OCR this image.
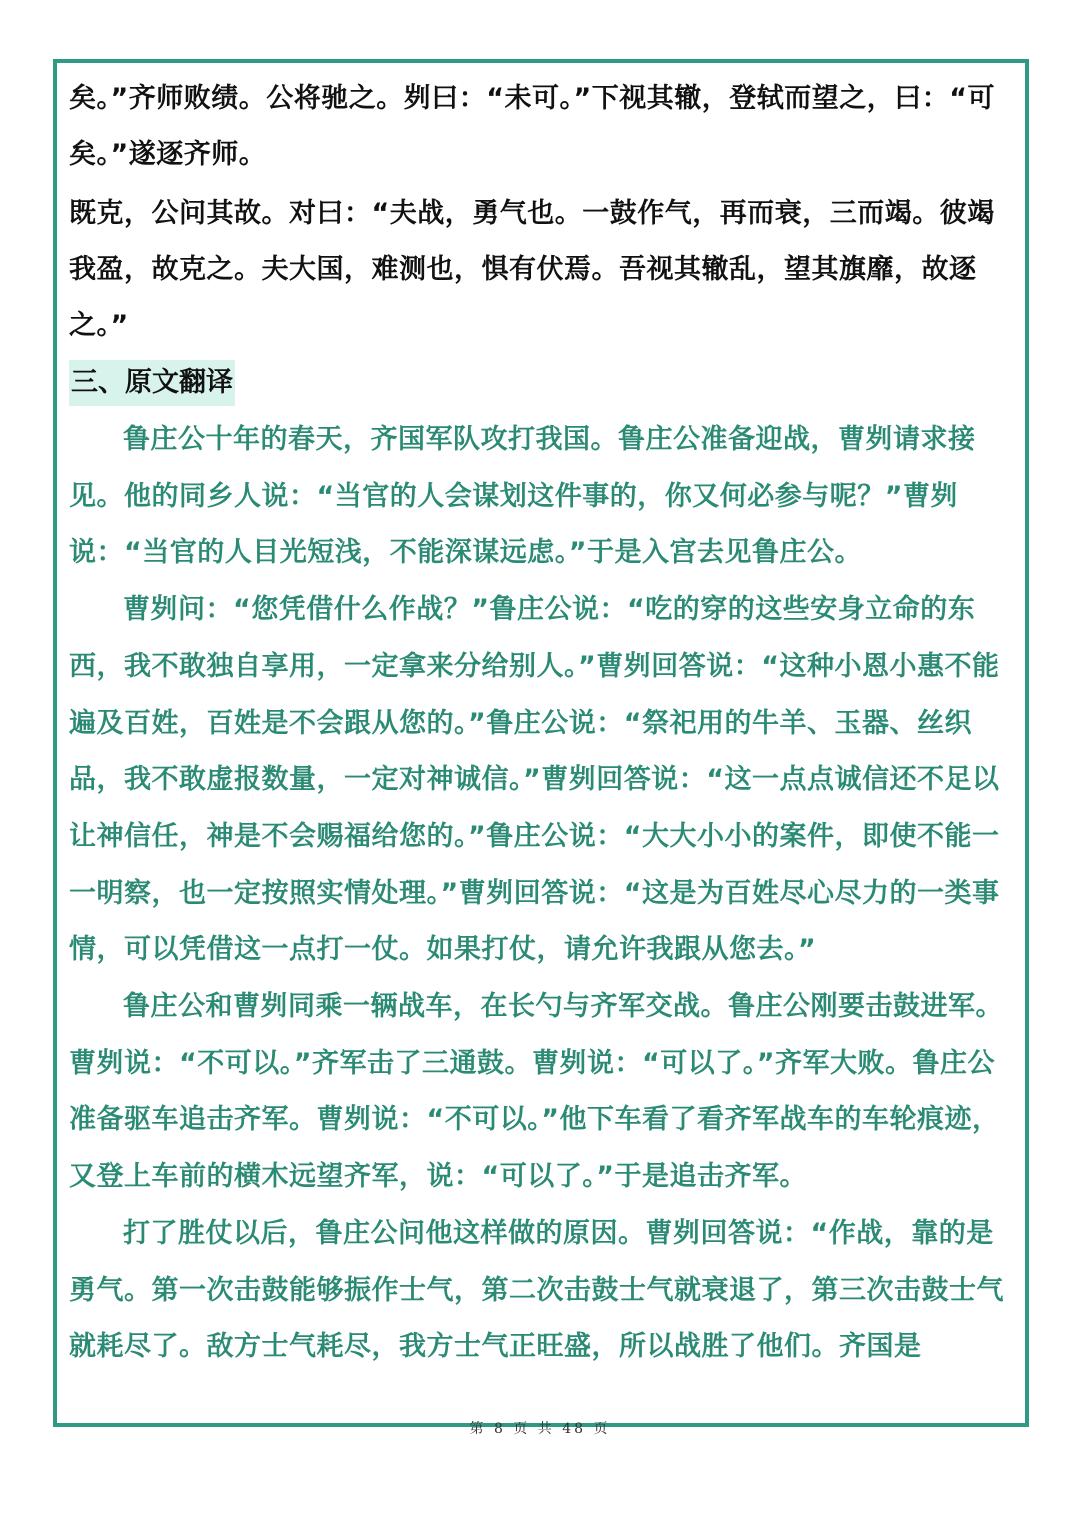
矣。”齐师败绩。公将驰之。刿曰：“未可。”下视其辙，登轼而望之，曰：“可矣。”遂逐齐师。

既克，公问其故。对曰：“夫战，勇气也。一鼓作气，再而衰，三而竭。彼竭我盈，故克之。夫大国，难测也，惧有伏焉。吾视其辙乱，望其旗靡，故逐之。”

三、原文翻译

鲁庄公十年的春天，齐国军队攻打我国。鲁庄公准备迎战，曹刿请求接见。他的同乡人说：“当官的人会谋划这件事的，你又何必参与呢？”曹刿说：“当官的人目光短浅，不能深谋远虑。”于是入宫去见鲁庄公。

曹刿问：“您凭借什么作战？”鲁庄公说：“吃的穿的这些安身立命的东西，我不敢独自享用，一定拿来分给别人。”曹刿回答说：“这种小恩小惠不能遍及百姓，百姓是不会跟从您的。”鲁庄公说：“祭祀用的牛羊、玉器、丝织品，我不敢虚报数量，一定对神诚信。”曹刿回答说：“这一点点诚信还不足以让神信任，神是不会赐福给您的。”鲁庄公说：“大大小小的案件，即使不能一一明察，也一定按照实情处理。”曹刿回答说：“这是为百姓尽心尽力的一类事情，可以凭借这一点打一仗。如果打仗，请允许我跟从您去。”

鲁庄公和曹刿同乘一辆战车，在长勺与齐军交战。鲁庄公刚要击鼓进军。曹刿说：“不可以。”齐军击了三通鼓。曹刿说：“可以了。”齐军大败。鲁庄公准备驱车追击齐军。曹刿说：“不可以。”他下车看了看齐军战车的车轮痕迹，又登上车前的横木远望齐军，说：“可以了。”于是追击齐军。

打了胜仗以后，鲁庄公问他这样做的原因。曹刿回答说：“作战，靠的是勇气。第一次击鼓能够振作士气，第二次击鼓士气就衰退了，第三次击鼓士气就耗尽了。敌方士气耗尽，我方士气正旺盛，所以战胜了他们。齐国是

第 8 页 共 48 页
